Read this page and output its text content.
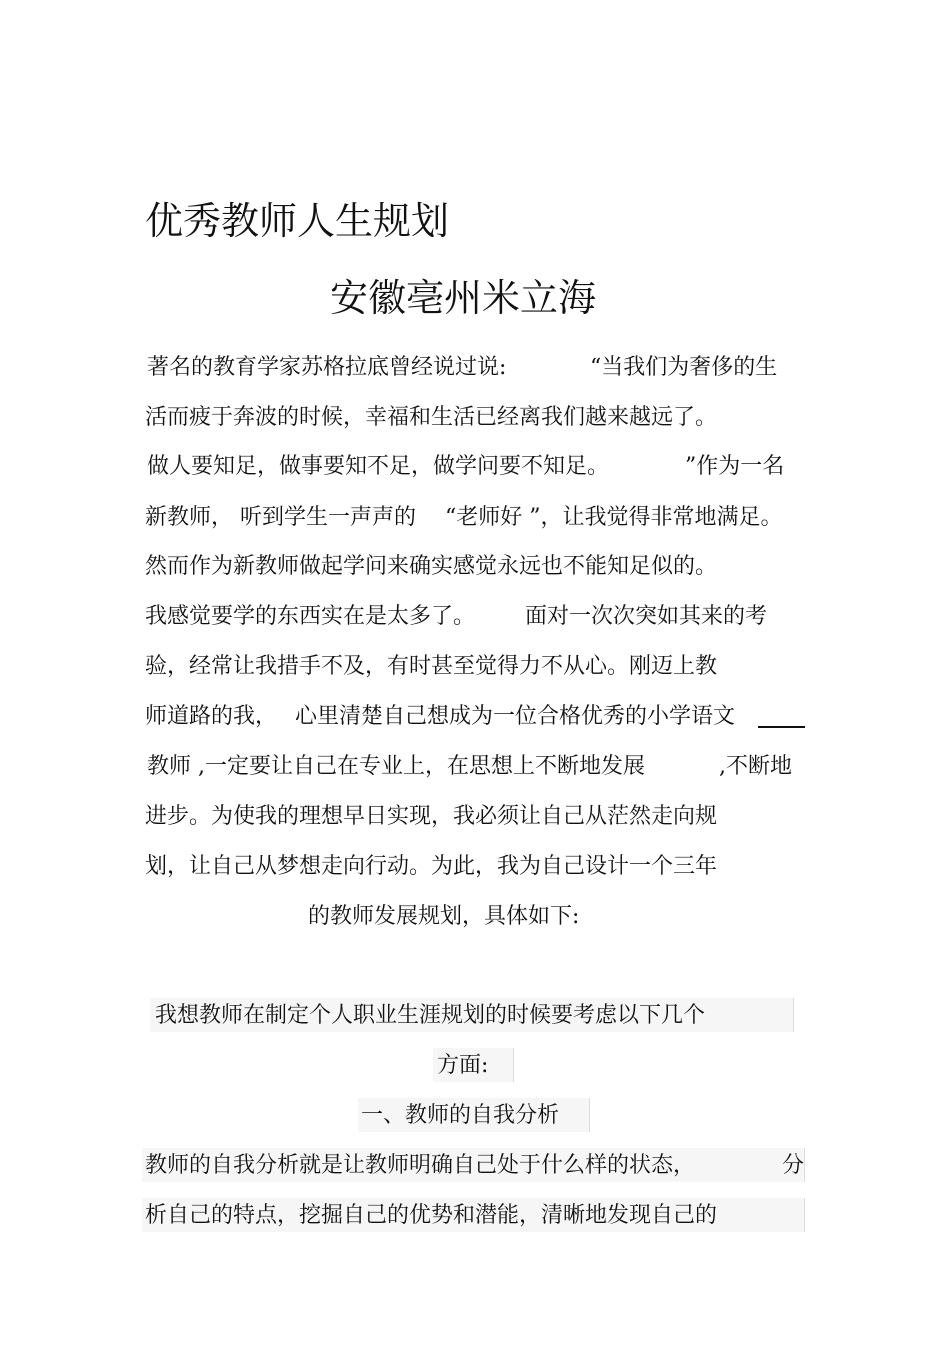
优秀教师人生规划
安徽亳州米立海
著名的教育学家苏格拉底曾经说过说:	“当我们为奢侈的生
活而疲于奔波的时候，幸福和生活已经离我们越来越远了。
做人要知足，做事要知不足，做学问要不知足。	”作为一名
新教师， 听到学生一声声的 “老师好 ”，让我觉得非常地满足。
然而作为新教师做起学问来确实感觉永远也不能知足似的。
我感觉要学的东西实在是太多了。 面对一次次突如其来的考
验，经常让我措手不及，有时甚至觉得力不从心。刚迈上教
师道路的我， 心里清楚自己想成为一位合格优秀的小学语文
教师 ,一定要让自己在专业上，在思想上不断地发展	,不断地
进步。为使我的理想早日实现，我必须让自己从茫然走向规
划，让自己从梦想走向行动。为此，我为自己设计一个三年
的教师发展规划，具体如下:
我想教师在制定个人职业生涯规划的时候要考虑以下几个
方面:
一、教师的自我分析
教师的自我分析就是让教师明确自己处于什么样的状态，	分
析自己的特点，挖掘自己的优势和潜能，清晰地发现自己的
